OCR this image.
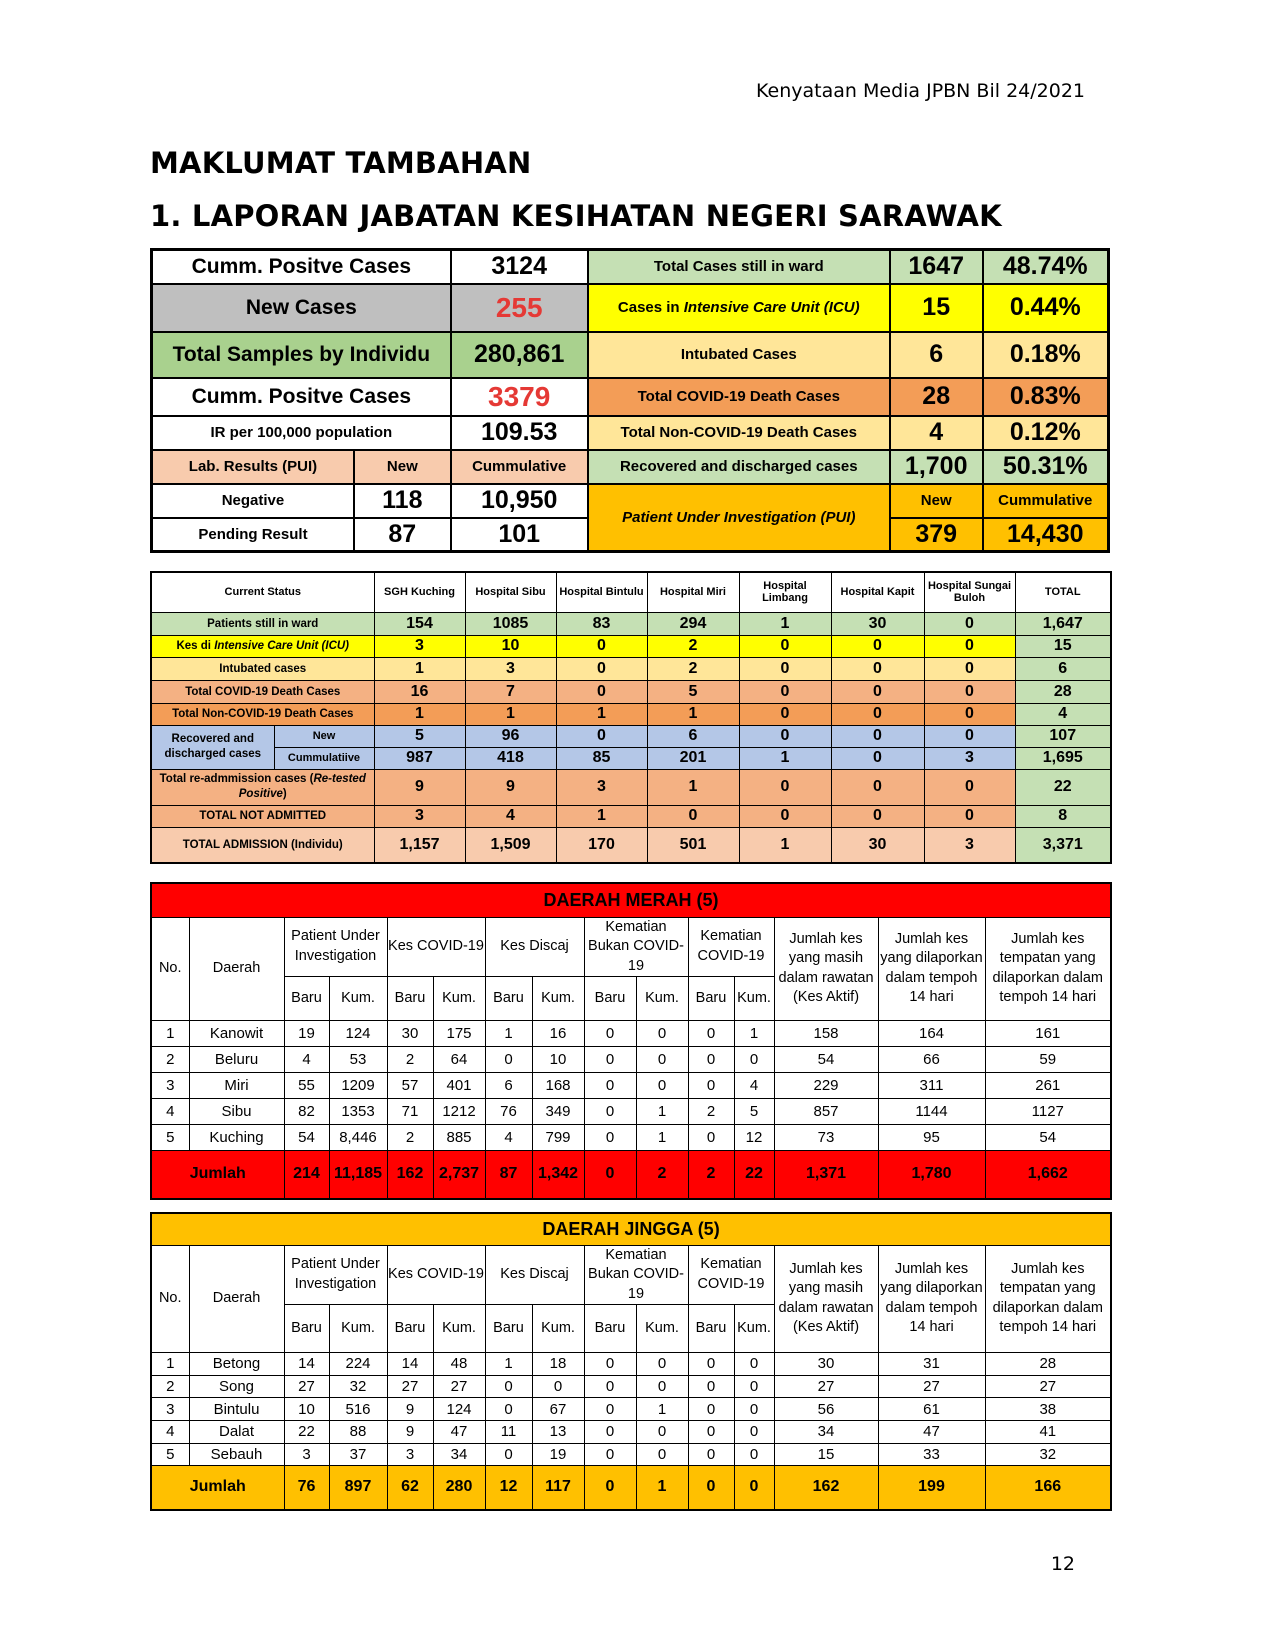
Kenyataan Media JPBN Bil 24/2021
MAKLUMAT TAMBAHAN
1. LAPORAN JABATAN KESIHATAN NEGERI SARAWAK
Cumm. Positve Cases		3124	Total Cases still in ward	1647	48.74%
New Cases		255	Cases in Intensive Care Unit (ICU)	15	0.44%
Total Samples by Individu		280,861	Intubated Cases	6	0.18%
Cumm. Positve Cases		3379	Total COVID-19 Death Cases	28	0.83%
IR per 100,000 population		109.53	Total Non-COVID-19 Death Cases	4	0.12%
Lab. Results (PUI)	New	Cummulative	Recovered and discharged cases	1,700	50.31%
Negative	118	10,950	Patient Under Investigation (PUI)	New	Cummulative
Pending Result	87	101		379	14,430
Current Status		SGH Kuching	Hospital Sibu	Hospital Bintulu	Hospital Miri	Hospital Limbang	Hospital Kapit	Hospital Sungai Buloh	TOTAL
Patients still in ward		154	1085	83	294	1	30	0	1,647
Kes di Intensive Care Unit (ICU)		3	10	0	2	0	0	0	15
Intubated cases		1	3	0	2	0	0	0	6
Total COVID-19 Death Cases		16	7	0	5	0	0	0	28
Total Non-COVID-19 Death Cases		1	1	1	1	0	0	0	4
Recovered and discharged cases	New	5	96	0	6	0	0	0	107
	Cummulatiive	987	418	85	201	1	0	3	1,695
Total re-admmission cases (Re-tested Positive)		9	9	3	1	0	0	0	22
TOTAL NOT ADMITTED		3	4	1	0	0	0	0	8
TOTAL ADMISSION (Individu)		1,157	1,509	170	501	1	30	3	3,371
DAERAH MERAH (5)														
No.	Daerah	Patient Under Investigation		Kes COVID-19		Kes Discaj		Kematian Bukan COVID-19		Kematian COVID-19		Jumlah kes yang masih dalam rawatan (Kes Aktif)	Jumlah kes yang dilaporkan dalam tempoh 14 hari	Jumlah kes tempatan yang dilaporkan dalam tempoh 14 hari
		Baru	Kum.	Baru	Kum.	Baru	Kum.	Baru	Kum.	Baru	Kum.			
1	Kanowit	19	124	30	175	1	16	0	0	0	1	158	164	161
2	Beluru	4	53	2	64	0	10	0	0	0	0	54	66	59
3	Miri	55	1209	57	401	6	168	0	0	0	4	229	311	261
4	Sibu	82	1353	71	1212	76	349	0	1	2	5	857	1144	1127
5	Kuching	54	8,446	2	885	4	799	0	1	0	12	73	95	54
Jumlah		214	11,185	162	2,737	87	1,342	0	2	2	22	1,371	1,780	1,662
DAERAH JINGGA (5)														
No.	Daerah	Patient Under Investigation		Kes COVID-19		Kes Discaj		Kematian Bukan COVID-19		Kematian COVID-19		Jumlah kes yang masih dalam rawatan (Kes Aktif)	Jumlah kes yang dilaporkan dalam tempoh 14 hari	Jumlah kes tempatan yang dilaporkan dalam tempoh 14 hari
		Baru	Kum.	Baru	Kum.	Baru	Kum.	Baru	Kum.	Baru	Kum.			
1	Betong	14	224	14	48	1	18	0	0	0	0	30	31	28
2	Song	27	32	27	27	0	0	0	0	0	0	27	27	27
3	Bintulu	10	516	9	124	0	67	0	1	0	0	56	61	38
4	Dalat	22	88	9	47	11	13	0	0	0	0	34	47	41
5	Sebauh	3	37	3	34	0	19	0	0	0	0	15	33	32
Jumlah		76	897	62	280	12	117	0	1	0	0	162	199	166
12
